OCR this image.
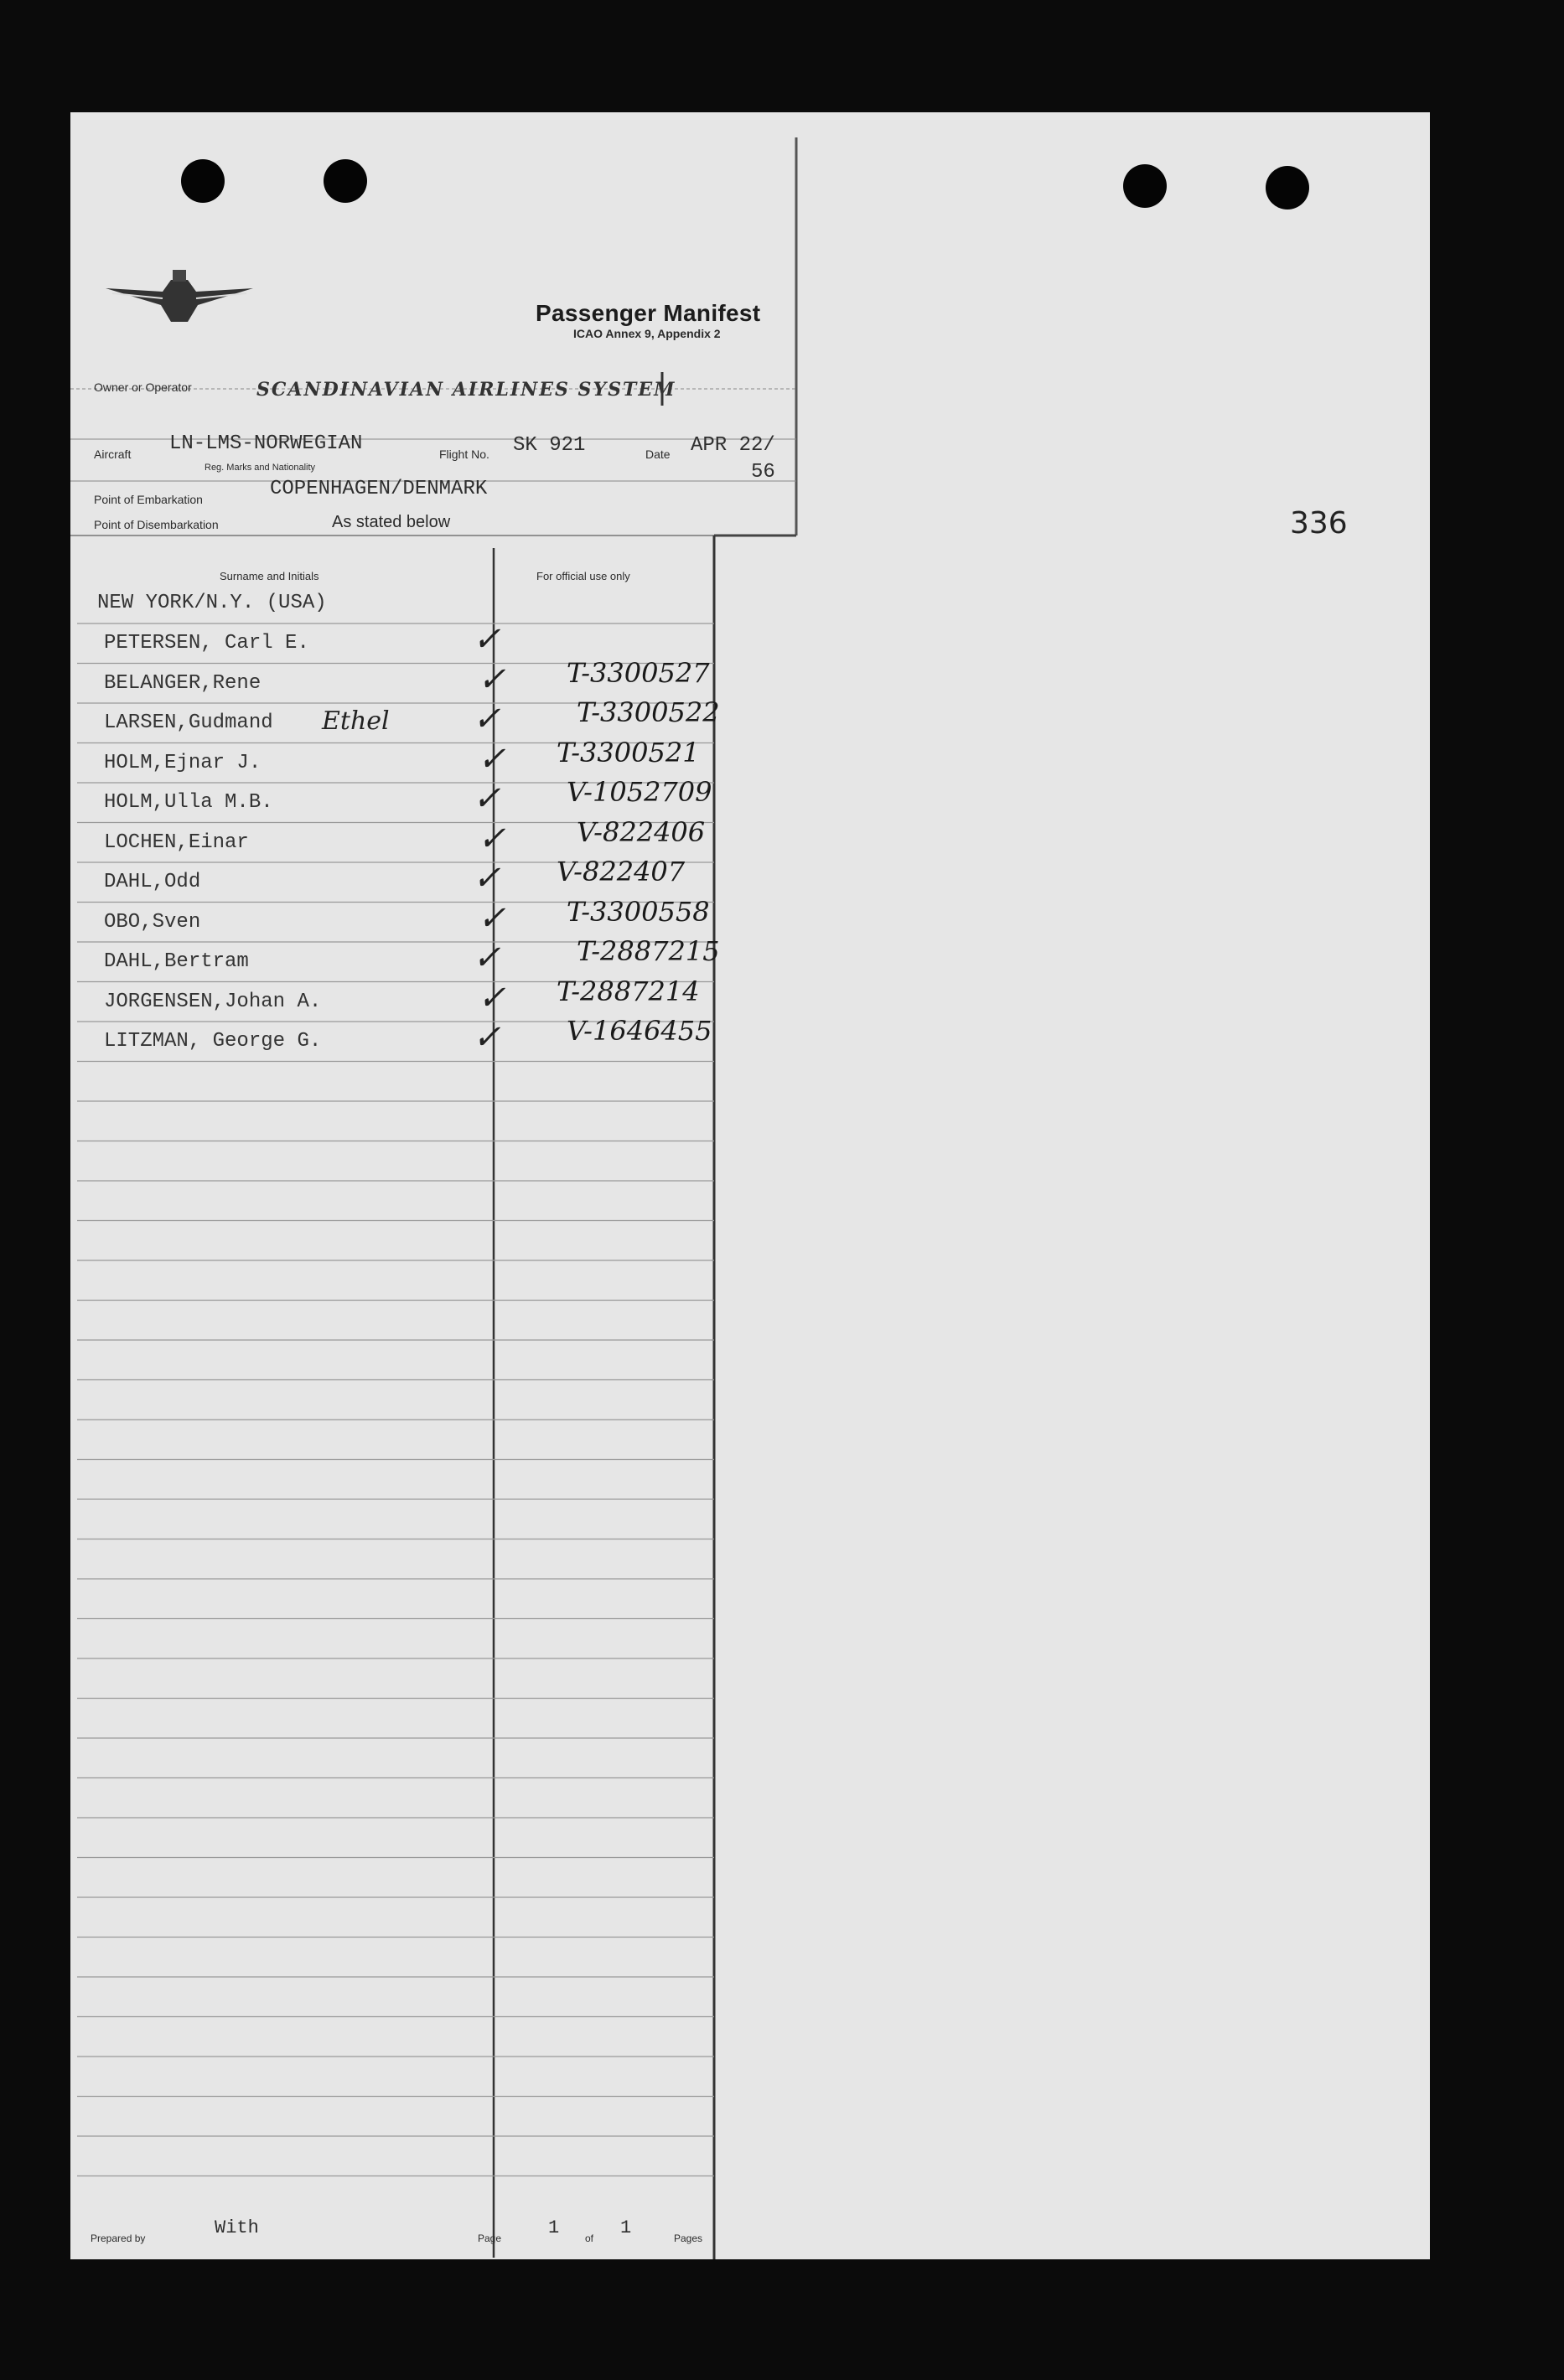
Passenger Manifest
ICAO Annex 9, Appendix 2
Owner or Operator	SCANDINAVIAN AIRLINES SYSTEM
Aircraft LN-LMS-NORWEGIAN
Reg. Marks and Nationality
Flight No. SK 921	Date APR 22/
56
Point of Embarkation	COPENHAGEN/DENMARK
Point of Disembarkation	As stated below	336
Surname and Initials	For official use only
NEW YORK/N.Y. (USA)
PETERSEN, Carl E.	✓
BELANGER,Rene	✓ T-3300527
LARSEN,Gudmand Ethel ✓	T-3300522
HOLM,Ejnar J.	✓ T-3300521
HOLM,Ulla M.B.	✓ V-1052709
LOCHEN,Einar	✓	V-822406
DAHL,Odd	✓ V-822407
OBO,Sven	✓ T-3300558
DAHL,Bertram	✓	T-2887215
JORGENSEN,Johan A.	✓ T-2887214
LITZMAN, George G.	✓ V-1646455
Prepared by	With	Page	1	of 1	Pages
